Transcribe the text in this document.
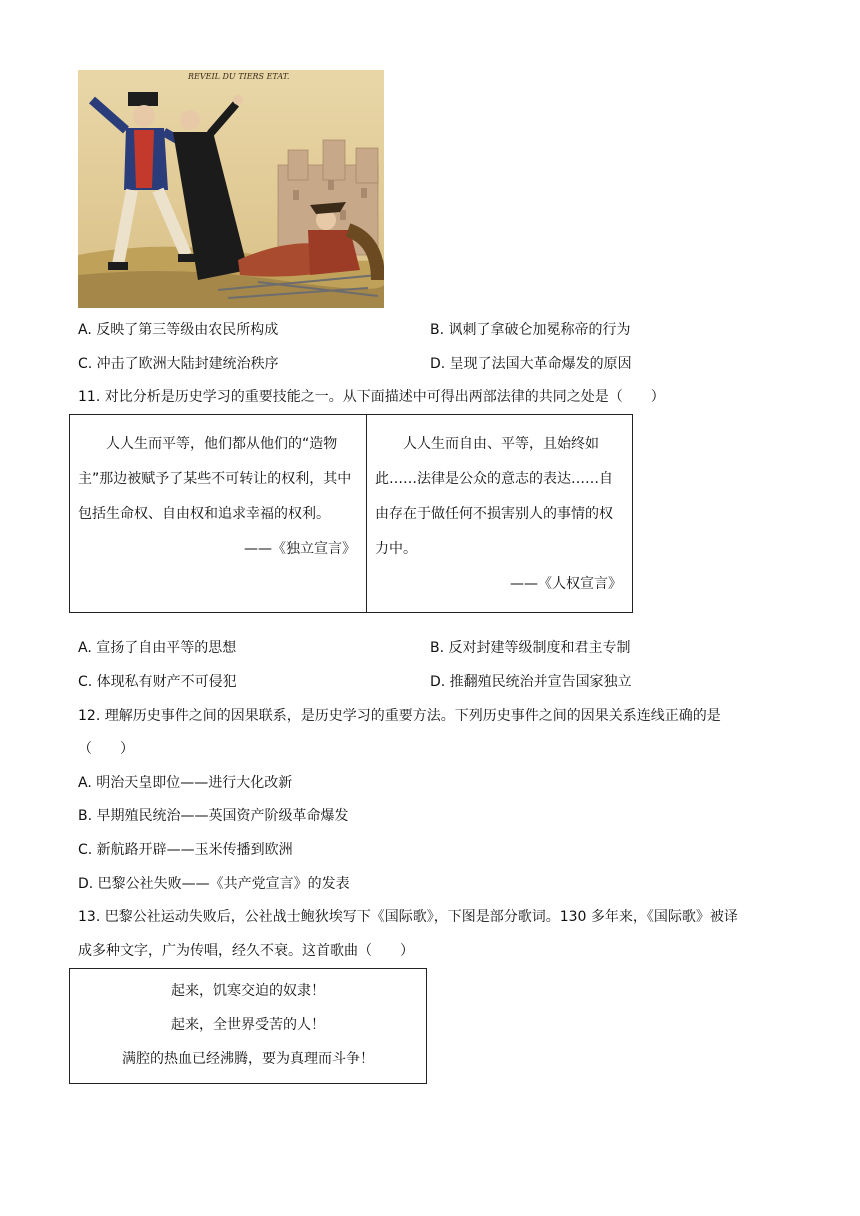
REVEIL DU TIERS ETAT.
A. 反映了第三等级由农民所构成	B. 讽刺了拿破仑加冕称帝的行为
C. 冲击了欧洲大陆封建统治秩序	D. 呈现了法国大革命爆发的原因
11. 对比分析是历史学习的重要技能之一。从下面描述中可得出两部法律的共同之处是（　　）

人人生而平等，他们都从他们的“造物主”那边被赋予了某些不可转让的权利，其中包括生命权、自由权和追求幸福的权利。

——《独立宣言》

人人生而自由、平等，且始终如此……法律是公众的意志的表达……自由存在于做任何不损害别人的事情的权力中。

——《人权宣言》

A. 宣扬了自由平等的思想	B. 反对封建等级制度和君主专制
C. 体现私有财产不可侵犯	D. 推翻殖民统治并宣告国家独立
12. 理解历史事件之间的因果联系，是历史学习的重要方法。下列历史事件之间的因果关系连线正确的是
（　　）
A. 明治天皇即位——进行大化改新
B. 早期殖民统治——英国资产阶级革命爆发
C. 新航路开辟——玉米传播到欧洲
D. 巴黎公社失败——《共产党宣言》的发表
13. 巴黎公社运动失败后，公社战士鲍狄埃写下《国际歌》，下图是部分歌词。130 多年来，《国际歌》被译
成多种文字，广为传唱，经久不衰。这首歌曲（　　）
起来，饥寒交迫的奴隶！
起来，全世界受苦的人！
满腔的热血已经沸腾，要为真理而斗争！
